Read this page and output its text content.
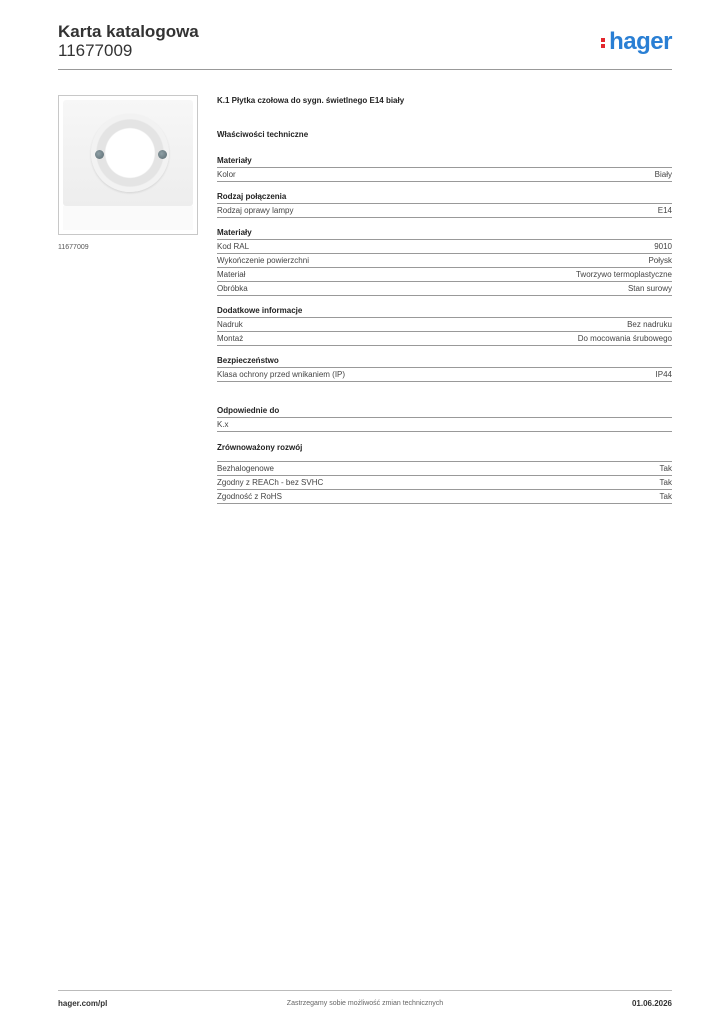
Karta katalogowa
11677009	hager
11677009
K.1 Płytka czołowa do sygn. świetlnego E14 biały
Właściwości techniczne
Materiały
Kolor	Biały
Rodzaj połączenia
Rodzaj oprawy lampy	E14
Materiały
Kod RAL	9010
Wykończenie powierzchni	Połysk
Materiał	Tworzywo termoplastyczne
Obróbka	Stan surowy
Dodatkowe informacje
Nadruk	Bez nadruku
Montaż	Do mocowania śrubowego
Bezpieczeństwo
Klasa ochrony przed wnikaniem (IP)	IP44
Odpowiednie do
K.x
Zrównoważony rozwój
Bezhalogenowe	Tak
Zgodny z REACh - bez SVHC	Tak
Zgodność z RoHS	Tak
hager.com/pl	Zastrzegamy sobie możliwość zmian technicznych	01.06.2026
